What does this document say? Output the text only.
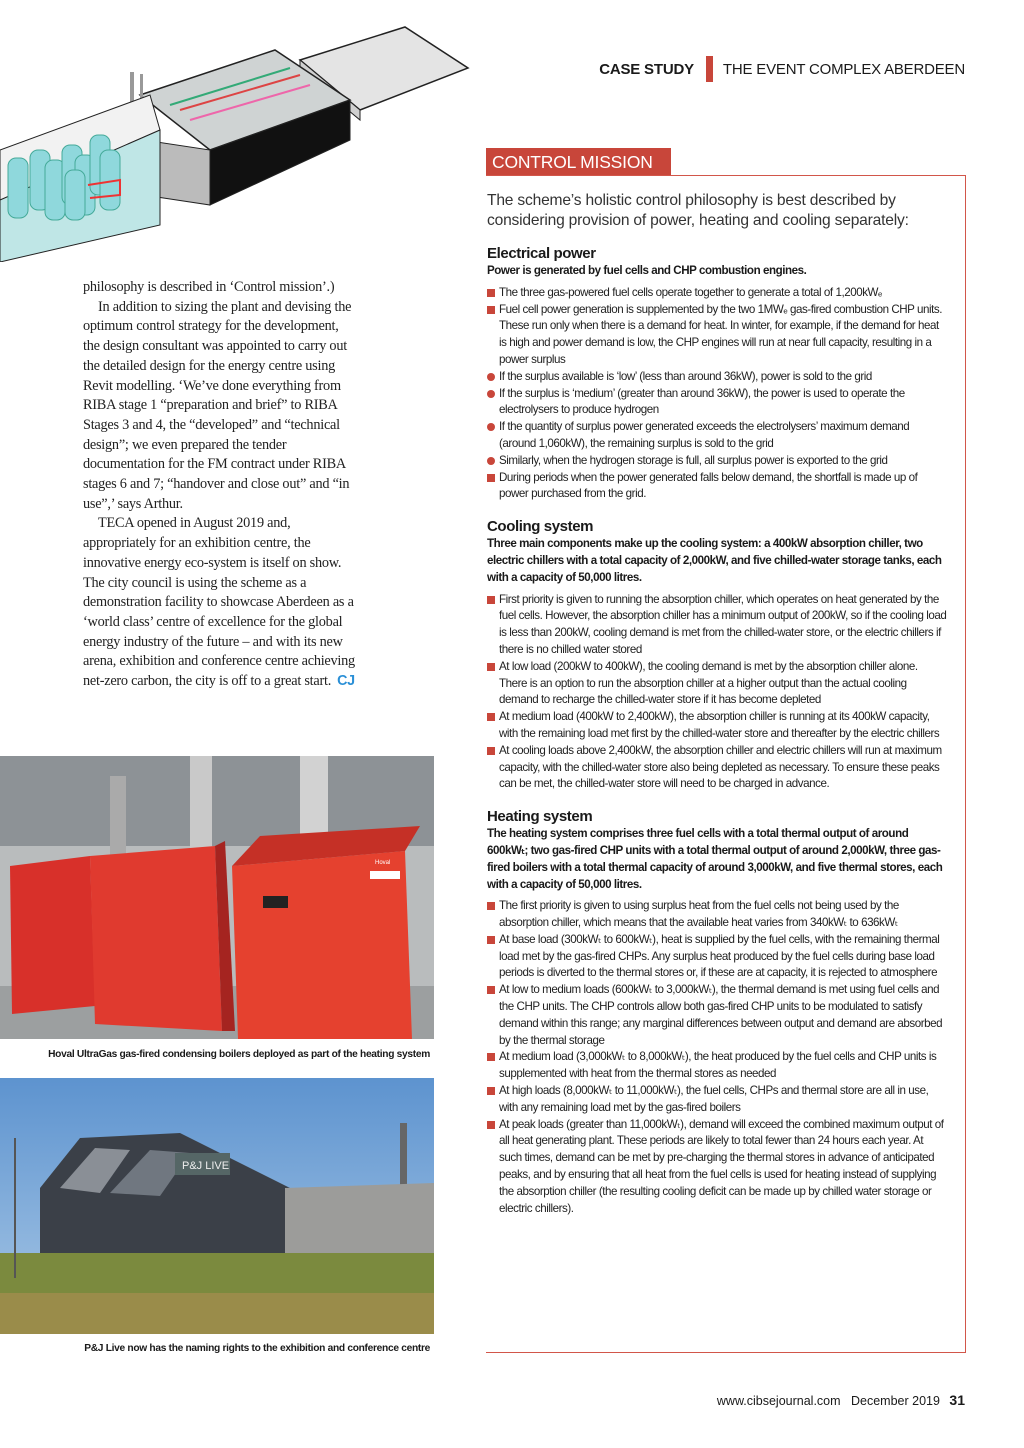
CASE STUDY THE EVENT COMPLEX ABERDEEN

philosophy is described in ‘Control mission’.)

In addition to sizing the plant and devising the optimum control strategy for the development, the design consultant was appointed to carry out the detailed design for the energy centre using Revit modelling. ‘We’ve done everything from RIBA stage 1 “preparation and brief” to RIBA Stages 3 and 4, the “developed” and “technical design”; we even prepared the tender documentation for the FM contract under RIBA stages 6 and 7; “handover and close out” and “in use”,’ says Arthur.

TECA opened in August 2019 and, appropriately for an exhibition centre, the innovative energy eco-system is itself on show. The city council is using the scheme as a demonstration facility to showcase Aberdeen as a ‘world class’ centre of excellence for the global energy industry of the future – and with its new arena, exhibition and conference centre achieving net-zero carbon, the city is off to a great start. CJ

Hoval
Hoval UltraGas gas-fired condensing boilers deployed as part of the heating system
P&J LIVE
P&J Live now has the naming rights to the exhibition and conference centre
CONTROL MISSION

The scheme’s holistic control philosophy is best described by considering provision of power, heating and cooling separately:

Electrical power

Power is generated by fuel cells and CHP combustion engines.

The three gas-powered fuel cells operate together to generate a total of 1,200kWₑ
Fuel cell power generation is supplemented by the two 1MWₑ gas-fired combustion CHP units. These run only when there is a demand for heat. In winter, for example, if the demand for heat is high and power demand is low, the CHP engines will run at near full capacity, resulting in a power surplus
If the surplus available is ‘low’ (less than around 36kW), power is sold to the grid
If the surplus is ‘medium’ (greater than around 36kW), the power is used to operate the electrolysers to produce hydrogen
If the quantity of surplus power generated exceeds the electrolysers’ maximum demand (around 1,060kW), the remaining surplus is sold to the grid
Similarly, when the hydrogen storage is full, all surplus power is exported to the grid
During periods when the power generated falls below demand, the shortfall is made up of power purchased from the grid.
Cooling system

Three main components make up the cooling system: a 400kW absorption chiller, two electric chillers with a total capacity of 2,000kW, and five chilled-water storage tanks, each with a capacity of 50,000 litres.

First priority is given to running the absorption chiller, which operates on heat generated by the fuel cells. However, the absorption chiller has a minimum output of 200kW, so if the cooling load is less than 200kW, cooling demand is met from the chilled-water store, or the electric chillers if there is no chilled water stored
At low load (200kW to 400kW), the cooling demand is met by the absorption chiller alone. There is an option to run the absorption chiller at a higher output than the actual cooling demand to recharge the chilled-water store if it has become depleted
At medium load (400kW to 2,400kW), the absorption chiller is running at its 400kW capacity, with the remaining load met first by the chilled-water store and thereafter by the electric chillers
At cooling loads above 2,400kW, the absorption chiller and electric chillers will run at maximum capacity, with the chilled-water store also being depleted as necessary. To ensure these peaks can be met, the chilled-water store will need to be charged in advance.
Heating system

The heating system comprises three fuel cells with a total thermal output of around 600kWₜ; two gas-fired CHP units with a total thermal output of around 2,000kW, three gas-fired boilers with a total thermal capacity of around 3,000kW, and five thermal stores, each with a capacity of 50,000 litres.

The first priority is given to using surplus heat from the fuel cells not being used by the absorption chiller, which means that the available heat varies from 340kWₜ to 636kWₜ
At base load (300kWₜ to 600kWₜ), heat is supplied by the fuel cells, with the remaining thermal load met by the gas-fired CHPs. Any surplus heat produced by the fuel cells during base load periods is diverted to the thermal stores or, if these are at capacity, it is rejected to atmosphere
At low to medium loads (600kWₜ to 3,000kWₜ), the thermal demand is met using fuel cells and the CHP units. The CHP controls allow both gas-fired CHP units to be modulated to satisfy demand within this range; any marginal differences between output and demand are absorbed by the thermal storage
At medium load (3,000kWₜ to 8,000kWₜ), the heat produced by the fuel cells and CHP units is supplemented with heat from the thermal stores as needed
At high loads (8,000kWₜ to 11,000kWₜ), the fuel cells, CHPs and thermal store are all in use, with any remaining load met by the gas-fired boilers
At peak loads (greater than 11,000kWₜ), demand will exceed the combined maximum output of all heat generating plant. These periods are likely to total fewer than 24 hours each year. At such times, demand can be met by pre-charging the thermal stores in advance of anticipated peaks, and by ensuring that all heat from the fuel cells is used for heating instead of supplying the absorption chiller (the resulting cooling deficit can be made up by chilled water storage or electric chillers).
www.cibsejournal.com December 2019 31
